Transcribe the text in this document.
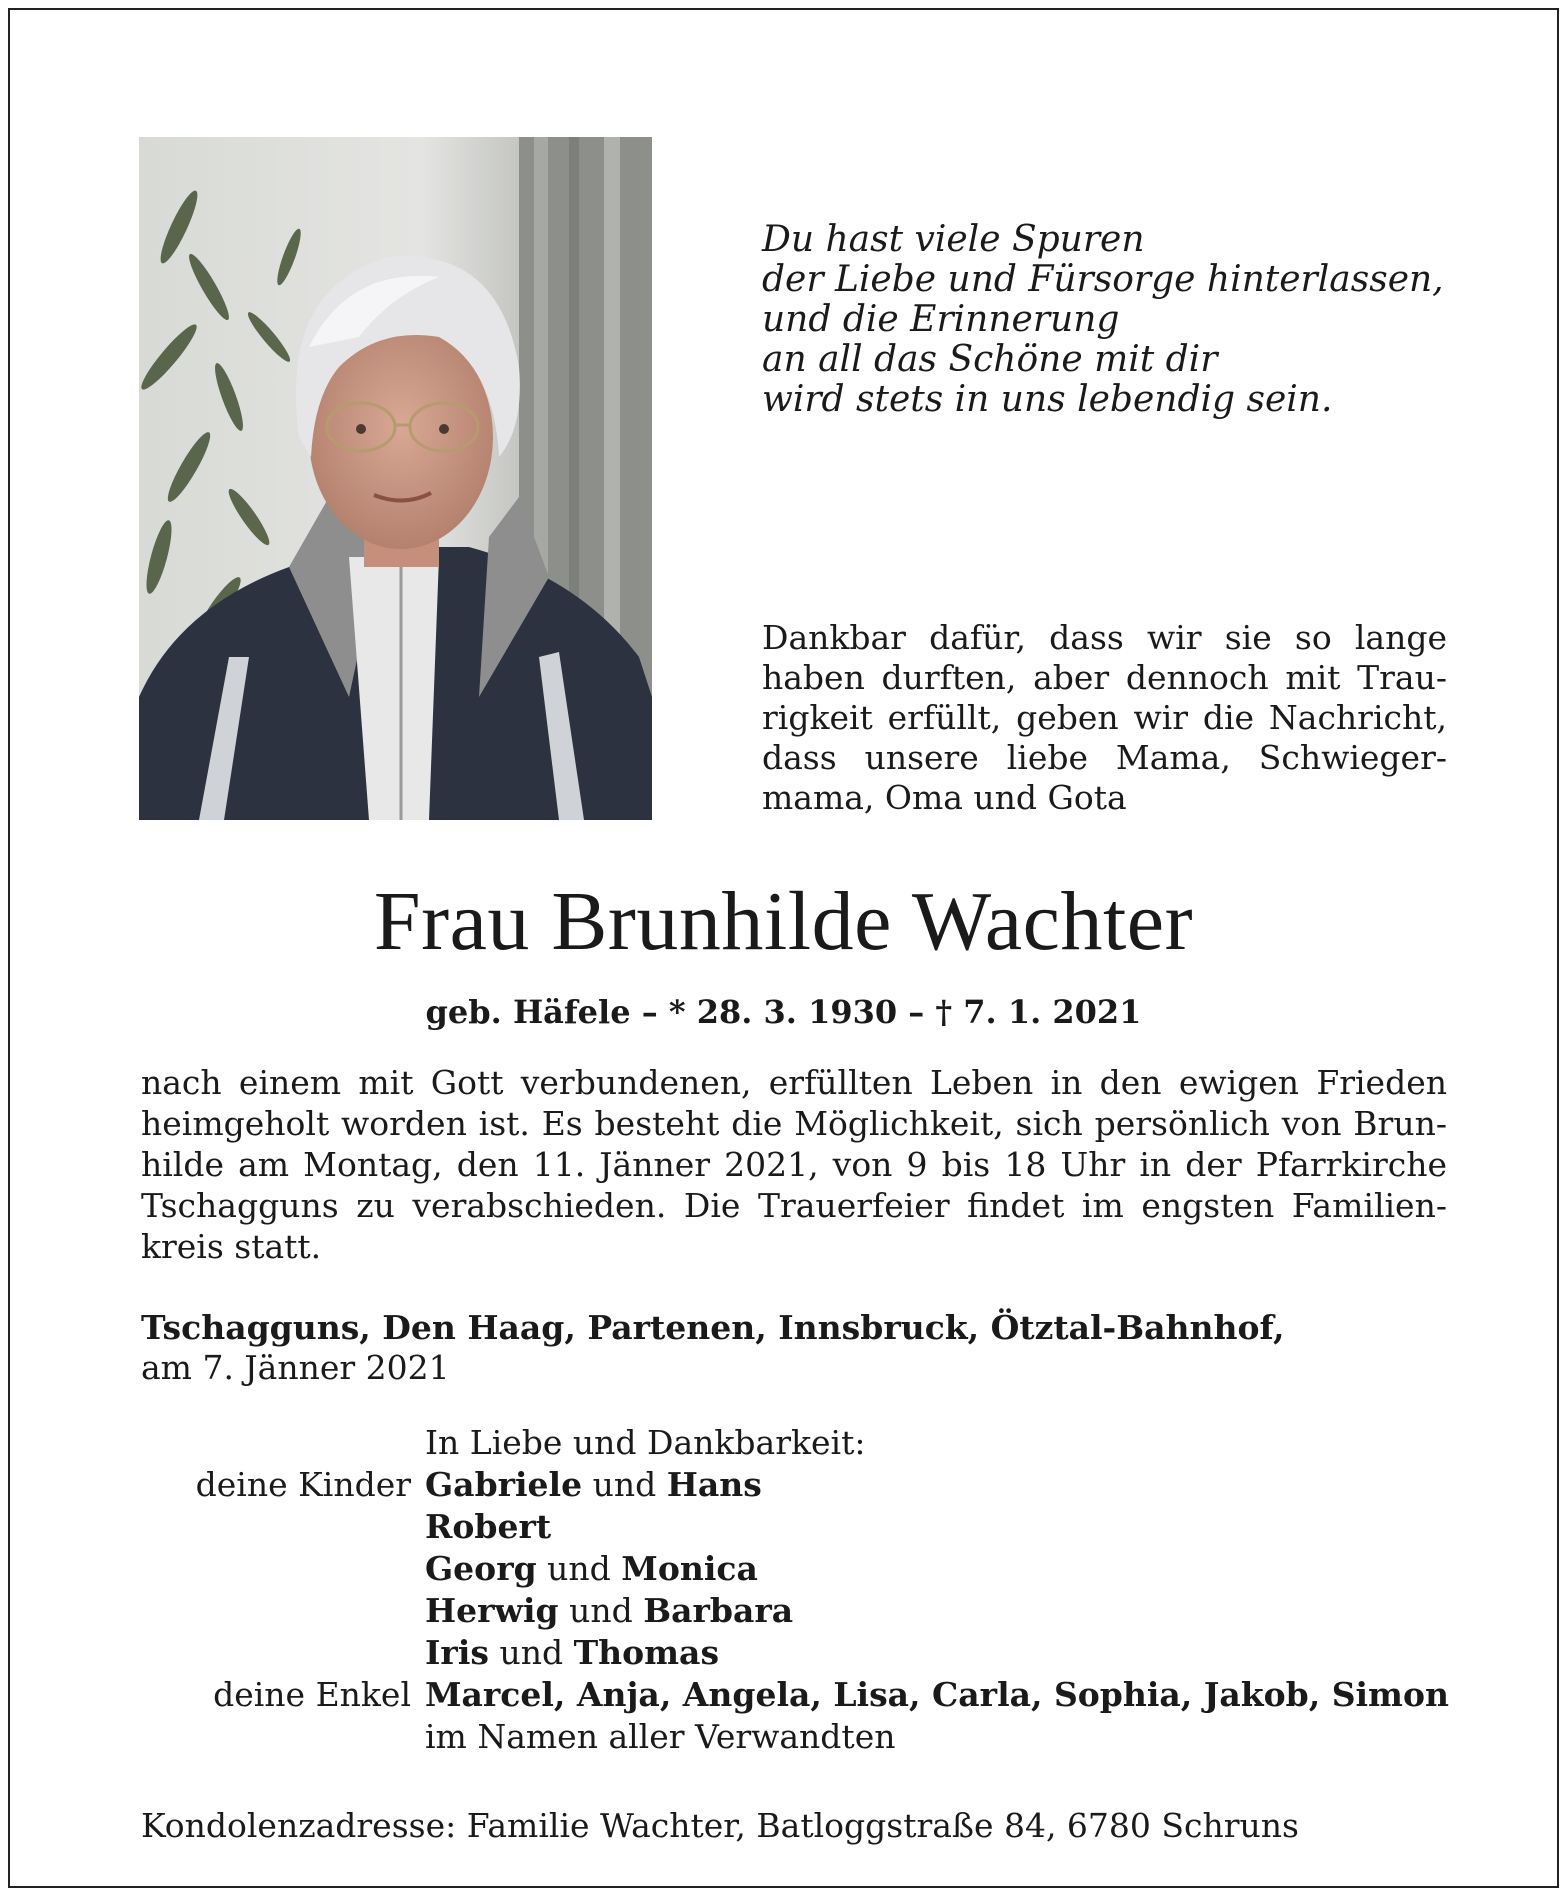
Du hast viele Spuren
der Liebe und Fürsorge hinterlassen,
und die Erinnerung
an all das Schöne mit dir
wird stets in uns lebendig sein.
Dankbar dafür, dass wir sie so lange
haben durften, aber dennoch mit Trau-
rigkeit erfüllt, geben wir die Nachricht,
dass unsere liebe Mama, Schwieger-
mama, Oma und Gota
Frau Brunhilde Wachter
geb. Häfele – * 28. 3. 1930 – † 7. 1. 2021
nach einem mit Gott verbundenen, erfüllten Leben in den ewigen Frieden
heimgeholt worden ist. Es besteht die Möglichkeit, sich persönlich von Brun-
hilde am Montag, den 11. Jänner 2021, von 9 bis 18 Uhr in der Pfarrkirche
Tschagguns zu verabschieden. Die Trauerfeier findet im engsten Familien-
kreis statt.
Tschagguns, Den Haag, Partenen, Innsbruck, Ötztal-Bahnhof,
am 7. Jänner 2021
In Liebe und Dankbarkeit:
deine Kinder Gabriele und Hans
Robert
Georg und Monica
Herwig und Barbara
Iris und Thomas
deine Enkel Marcel, Anja, Angela, Lisa, Carla, Sophia, Jakob, Simon
im Namen aller Verwandten
Kondolenzadresse: Familie Wachter, Batloggstraße 84, 6780 Schruns
